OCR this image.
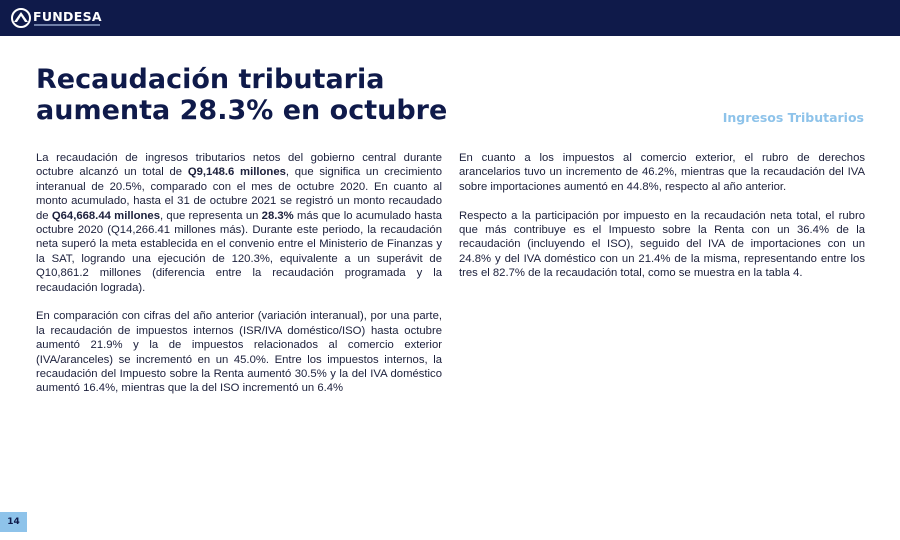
FUNDESA
Recaudación tributaria aumenta 28.3% en octubre	Ingresos Tributarios

La recaudación de ingresos tributarios netos del gobierno central durante octubre alcanzó un total de Q9,148.6 millones, que significa un crecimiento interanual de 20.5%, comparado con el mes de octubre 2020. En cuanto al monto acumulado, hasta el 31 de octubre 2021 se registró un monto recaudado de Q64,668.44 millones, que representa un 28.3% más que lo acumulado hasta octubre 2020 (Q14,266.41 millones más). Durante este periodo, la recaudación neta superó la meta establecida en el convenio entre el Ministerio de Finanzas y la SAT, logrando una ejecución de 120.3%, equivalente a un superávit de Q10,861.2 millones (diferencia entre la recaudación programada y la recaudación lograda).

En comparación con cifras del año anterior (variación interanual), por una parte, la recaudación de impuestos internos (ISR/IVA doméstico/ISO) hasta octubre aumentó 21.9% y la de impuestos relacionados al comercio exterior (IVA/aranceles) se incrementó en un 45.0%. Entre los impuestos internos, la recaudación del Impuesto sobre la Renta aumentó 30.5% y la del IVA doméstico aumentó 16.4%, mientras que la del ISO incrementó un 6.4%

En cuanto a los impuestos al comercio exterior, el rubro de derechos arancelarios tuvo un incremento de 46.2%, mientras que la recaudación del IVA sobre importaciones aumentó en 44.8%, respecto al año anterior.

Respecto a la participación por impuesto en la recaudación neta total, el rubro que más contribuye es el Impuesto sobre la Renta con un 36.4% de la recaudación (incluyendo el ISO), seguido del IVA de importaciones con un 24.8% y del IVA doméstico con un 21.4% de la misma, representando entre los tres el 82.7% de la recaudación total, como se muestra en la tabla 4.

14
